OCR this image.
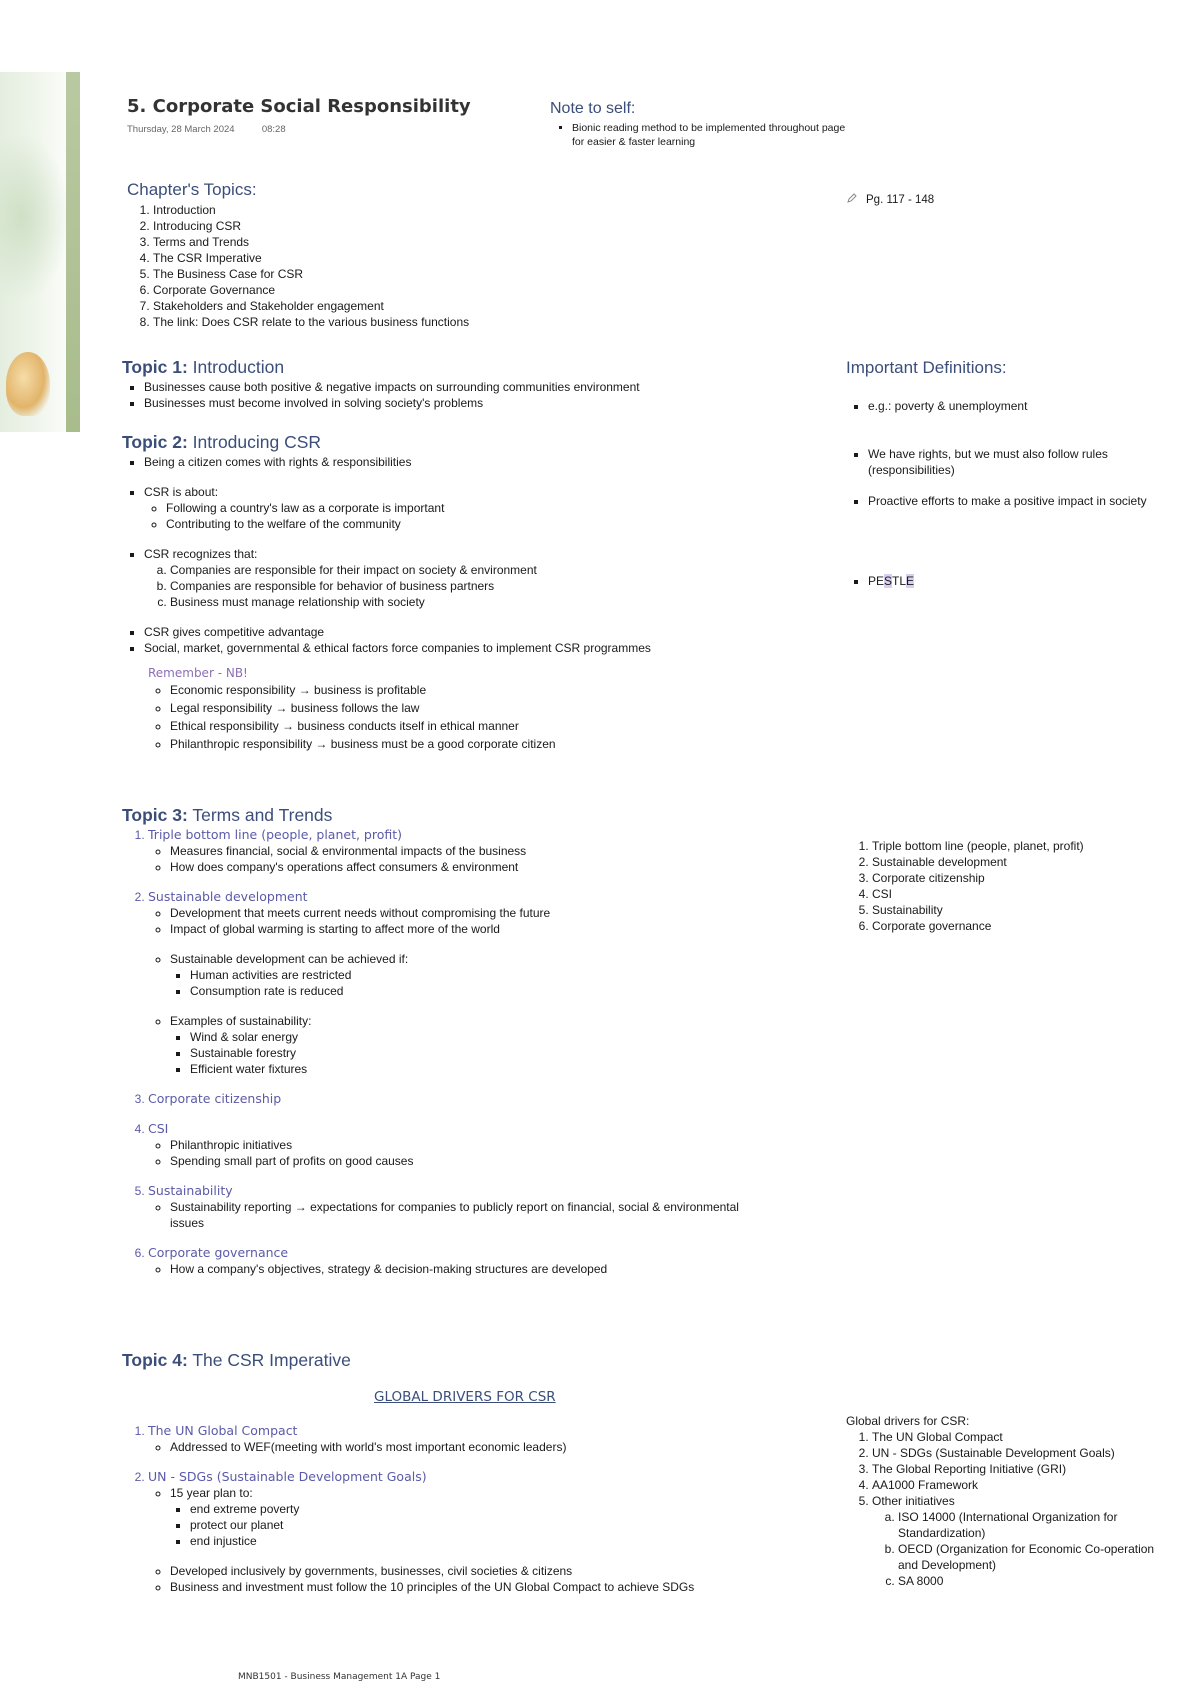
5. Corporate Social Responsibility
Thursday, 28 March 2024	08:28
Note to self:
▪ Bionic reading method to be implemented throughout page for easier & faster learning
Pg. 117 - 148
Chapter's Topics:
1. Introduction
2. Introducing CSR
3. Terms and Trends
4. The CSR Imperative
5. The Business Case for CSR
6. Corporate Governance
7. Stakeholders and Stakeholder engagement
8. The link: Does CSR relate to the various business functions
Important Definitions:
▪ e.g.: poverty & unemployment
▪ We have rights, but we must also follow rules (responsibilities)
▪ Proactive efforts to make a positive impact in society
▪ PESTLE
Topic 1: Introduction
▪ Businesses cause both positive & negative impacts on surrounding communities environment
▪ Businesses must become involved in solving society's problems
Topic 2: Introducing CSR
▪ Being a citizen comes with rights & responsibilities
▪ CSR is about:
◦ Following a country's law as a corporate is important
◦ Contributing to the welfare of the community
▪ CSR recognizes that:
a. Companies are responsible for their impact on society & environment
b. Companies are responsible for behavior of business partners
c. Business must manage relationship with society
▪ CSR gives competitive advantage
▪ Social, market, governmental & ethical factors force companies to implement CSR programmes
Remember - NB!
◦ Economic responsibility → business is profitable
◦ Legal responsibility → business follows the law
◦ Ethical responsibility → business conducts itself in ethical manner
◦ Philanthropic responsibility → business must be a good corporate citizen
Topic 3: Terms and Trends
1. Triple bottom line (people, planet, profit)
◦ Measures financial, social & environmental impacts of the business
◦ How does company's operations affect consumers & environment
2. Sustainable development
◦ Development that meets current needs without compromising the future
◦ Impact of global warming is starting to affect more of the world
◦ Sustainable development can be achieved if:
▪ Human activities are restricted
▪ Consumption rate is reduced
◦ Examples of sustainability:
▪ Wind & solar energy
▪ Sustainable forestry
▪ Efficient water fixtures
3. Corporate citizenship
4. CSI
◦ Philanthropic initiatives
◦ Spending small part of profits on good causes
5. Sustainability
◦ Sustainability reporting → expectations for companies to publicly report on financial, social & environmental issues
6. Corporate governance
◦ How a company's objectives, strategy & decision-making structures are developed
1. Triple bottom line (people, planet, profit)
2. Sustainable development
3. Corporate citizenship
4. CSI
5. Sustainability
6. Corporate governance
Topic 4: The CSR Imperative
GLOBAL DRIVERS FOR CSR
1. The UN Global Compact
◦ Addressed to WEF(meeting with world's most important economic leaders)
2. UN - SDGs (Sustainable Development Goals)
◦ 15 year plan to:
▪ end extreme poverty
▪ protect our planet
▪ end injustice
◦ Developed inclusively by governments, businesses, civil societies & citizens
◦ Business and investment must follow the 10 principles of the UN Global Compact to achieve SDGs
Global drivers for CSR:
1. The UN Global Compact
2. UN - SDGs (Sustainable Development Goals)
3. The Global Reporting Initiative (GRI)
4. AA1000 Framework
5. Other initiatives
a. ISO 14000 (International Organization for Standardization)
b. OECD (Organization for Economic Co-operation and Development)
c. SA 8000
MNB1501 - Business Management 1A Page 1
